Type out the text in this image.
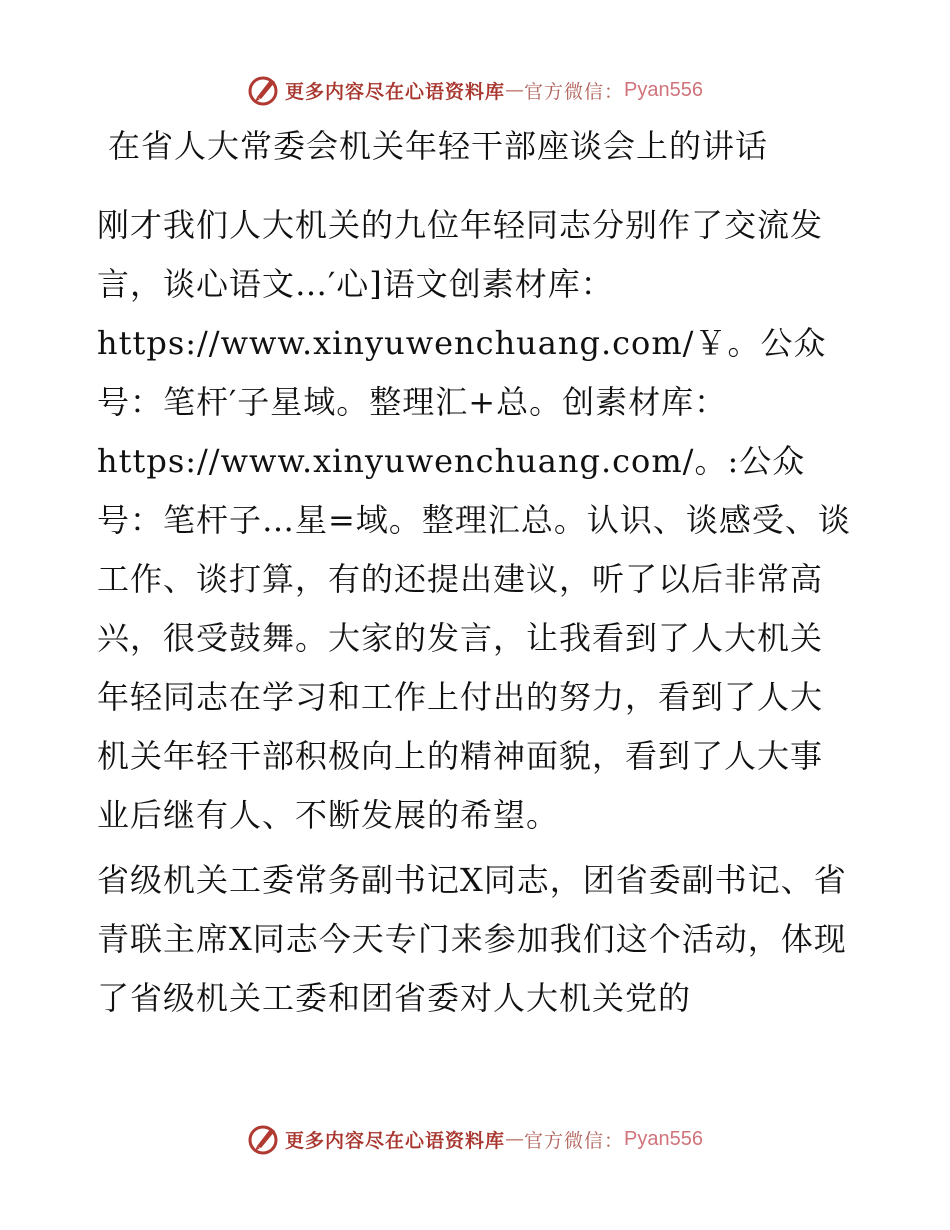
更多内容尽在心语资料库 — 官方微信： Pyan556
在省人大常委会机关年轻干部座谈会上的讲话

刚才我们人大机关的九位年轻同志分别作了交流发言，谈心语文…′心]语文创素材库：https://www.xinyuwenchuang.com/￥。公众号：笔杆′子星域。整理汇+总。创素材库：https://www.xinyuwenchuang.com/。:公众号：笔杆子…星=域。整理汇总。认识、谈感受、谈工作、谈打算，有的还提出建议，听了以后非常高兴，很受鼓舞。大家的发言，让我看到了人大机关年轻同志在学习和工作上付出的努力，看到了人大机关年轻干部积极向上的精神面貌，看到了人大事业后继有人、不断发展的希望。

省级机关工委常务副书记X同志，团省委副书记、省青联主席X同志今天专门来参加我们这个活动，体现了省级机关工委和团省委对人大机关党的

更多内容尽在心语资料库 — 官方微信： Pyan556
